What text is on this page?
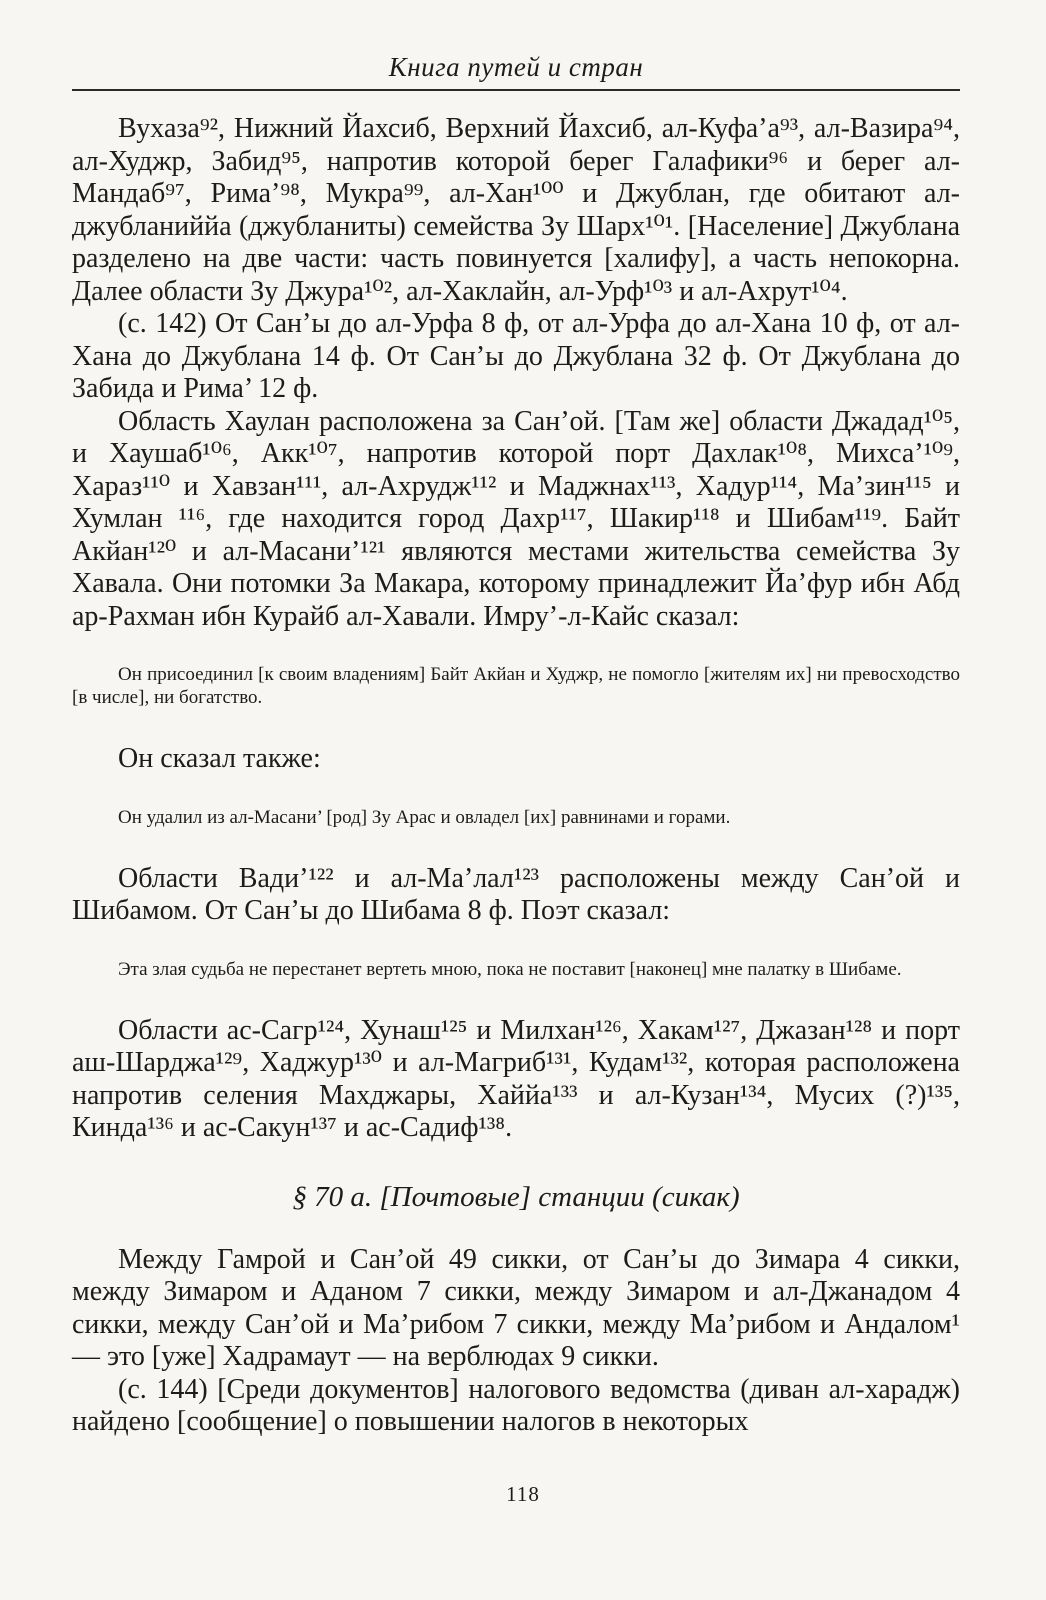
Книга путей и стран

Вухаза⁹², Нижний Йахсиб, Верхний Йахсиб, ал-Куфа’а⁹³, ал-Вазира⁹⁴, ал-Худжр, Забид⁹⁵, напротив которой берег Галафики⁹⁶ и берег ал-Мандаб⁹⁷, Рима’⁹⁸, Мукра⁹⁹, ал-Хан¹⁰⁰ и Джублан, где обитают ал-джубланиййа (джубланиты) семейства Зу Шарх¹⁰¹. [Население] Джублана разделено на две части: часть повинуется [халифу], а часть непокорна. Далее области Зу Джура¹⁰², ал-Хаклайн, ал-Урф¹⁰³ и ал-Ахрут¹⁰⁴.

(с. 142) От Сан’ы до ал-Урфа 8 ф, от ал-Урфа до ал-Хана 10 ф, от ал-Хана до Джублана 14 ф. От Сан’ы до Джублана 32 ф. От Джублана до Забида и Рима’ 12 ф.

Область Хаулан расположена за Сан’ой. [Там же] области Джадад¹⁰⁵, и Хаушаб¹⁰⁶, Акк¹⁰⁷, напротив которой порт Дахлак¹⁰⁸, Михса’¹⁰⁹, Хараз¹¹⁰ и Хавзан¹¹¹, ал-Ахрудж¹¹² и Маджнах¹¹³, Хадур¹¹⁴, Ма’зин¹¹⁵ и Хумлан ¹¹⁶, где находится город Дахр¹¹⁷, Шакир¹¹⁸ и Шибам¹¹⁹. Байт Акйан¹²⁰ и ал-Масани’¹²¹ являются местами жительства семейства Зу Хавала. Они потомки За Макара, которому принадлежит Йа’фур ибн Абд ар-Рахман ибн Курайб ал-Хавали. Имру’-л-Кайс сказал:

Он присоединил [к своим владениям] Байт Акйан и Худжр, не помогло [жителям их] ни превосходство [в числе], ни богатство.

Он сказал также:

Он удалил из ал-Масани’ [род] Зу Арас и овладел [их] равнинами и горами.

Области Вади’¹²² и ал-Ма’лал¹²³ расположены между Сан’ой и Шибамом. От Сан’ы до Шибама 8 ф. Поэт сказал:

Эта злая судьба не перестанет вертеть мною, пока не поставит [наконец] мне палатку в Шибаме.

Области ас-Сагр¹²⁴, Хунаш¹²⁵ и Милхан¹²⁶, Хакам¹²⁷, Джазан¹²⁸ и порт аш-Шарджа¹²⁹, Хаджур¹³⁰ и ал-Магриб¹³¹, Кудам¹³², которая расположена напротив селения Махджары, Хаййа¹³³ и ал-Кузан¹³⁴, Мусих (?)¹³⁵, Кинда¹³⁶ и ас-Сакун¹³⁷ и ас-Садиф¹³⁸.

§ 70 а. [Почтовые] станции (сикак)

Между Гамрой и Сан’ой 49 сикки, от Сан’ы до Зимара 4 сикки, между Зимаром и Аданом 7 сикки, между Зимаром и ал-Джанадом 4 сикки, между Сан’ой и Ма’рибом 7 сикки, между Ма’рибом и Андалом¹ — это [уже] Хадрамаут — на верблюдах 9 сикки.

(с. 144) [Среди документов] налогового ведомства (диван ал-харадж) найдено [сообщение] о повышении налогов в некоторых

118
